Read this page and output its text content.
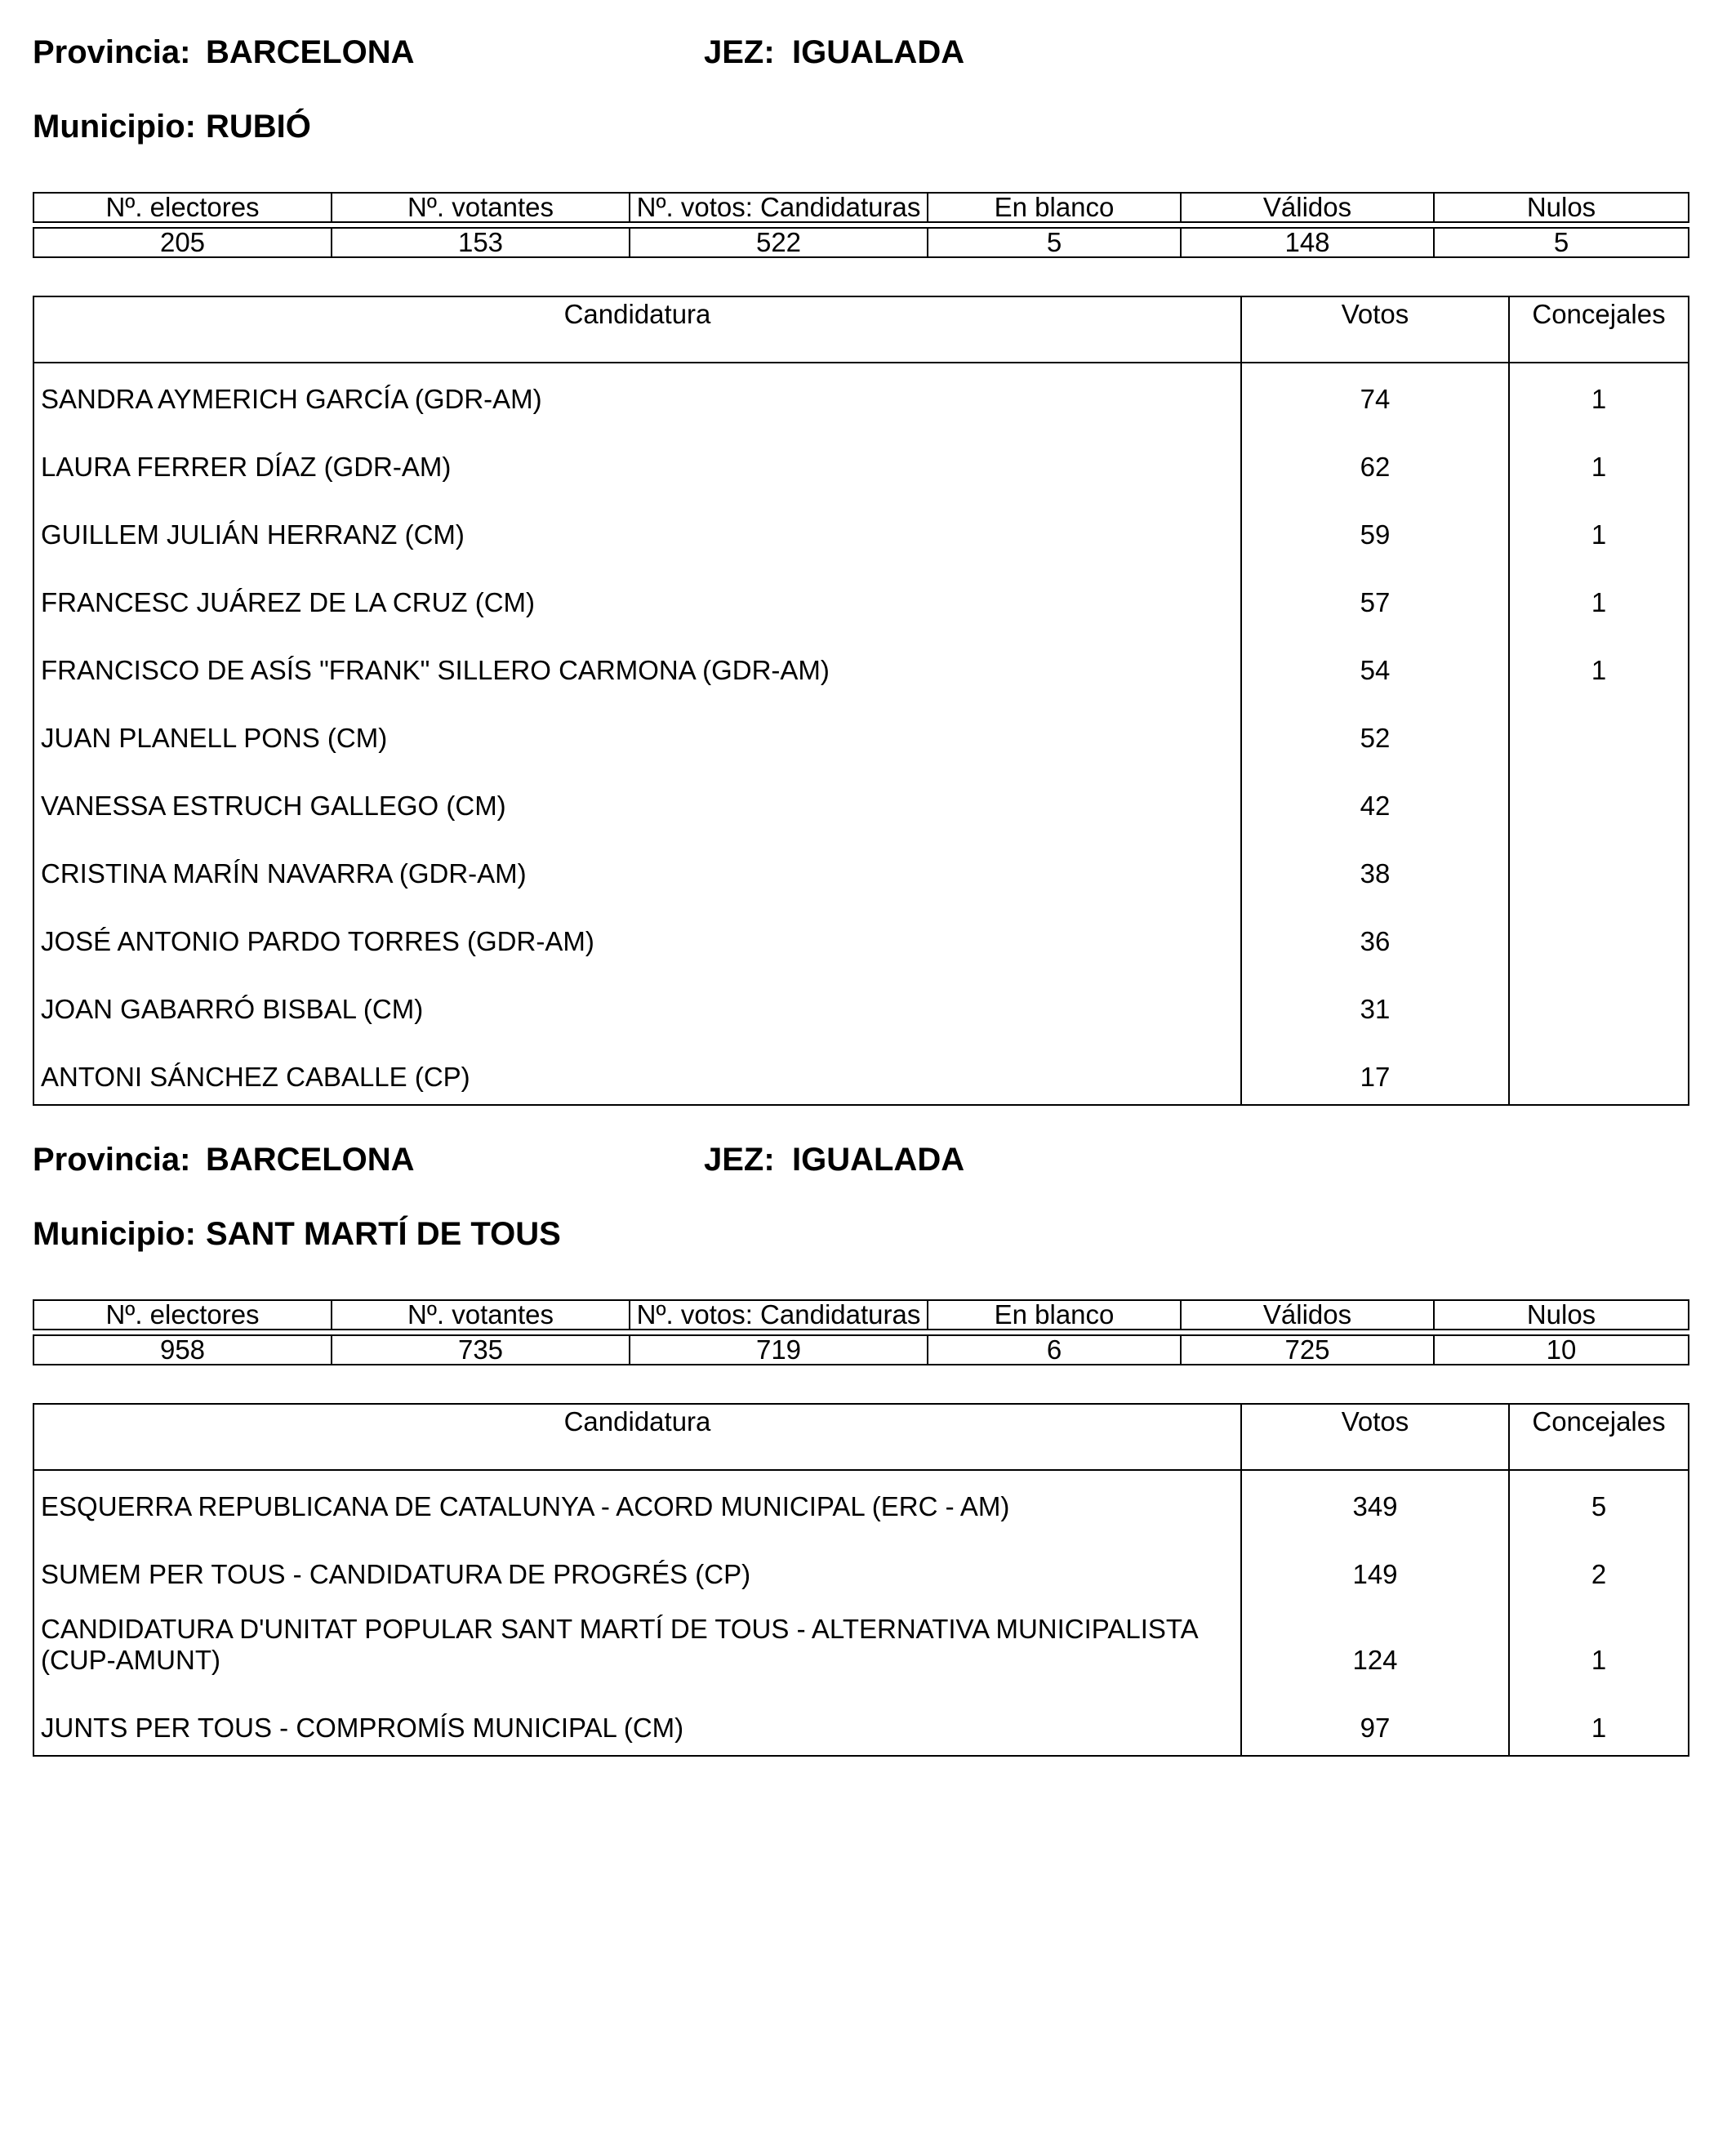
Provincia: BARCELONA	JEZ: IGUALADA
Municipio: RUBIÓ
Nº. electores	Nº. votantes	Nº. votos: Candidaturas	En blanco	Válidos	Nulos

205	153	522	5	148	5
Candidatura	Votos	Concejales
SANDRA AYMERICH GARCÍA (GDR-AM)	74	1
LAURA FERRER DÍAZ (GDR-AM)	62	1
GUILLEM JULIÁN HERRANZ (CM)	59	1
FRANCESC JUÁREZ DE LA CRUZ (CM)	57	1
FRANCISCO DE ASÍS "FRANK" SILLERO CARMONA (GDR-AM)	54	1
JUAN PLANELL PONS (CM)	52	
VANESSA ESTRUCH GALLEGO (CM)	42	
CRISTINA MARÍN NAVARRA (GDR-AM)	38	
JOSÉ ANTONIO PARDO TORRES (GDR-AM)	36	
JOAN GABARRÓ BISBAL (CM)	31	
ANTONI SÁNCHEZ CABALLE (CP)	17	
Provincia: BARCELONA	JEZ: IGUALADA
Municipio: SANT MARTÍ DE TOUS
Nº. electores	Nº. votantes	Nº. votos: Candidaturas	En blanco	Válidos	Nulos

958	735	719	6	725	10
Candidatura	Votos	Concejales
ESQUERRA REPUBLICANA DE CATALUNYA - ACORD MUNICIPAL (ERC - AM)	349	5
SUMEM PER TOUS - CANDIDATURA DE PROGRÉS (CP)	149	2
CANDIDATURA D'UNITAT POPULAR SANT MARTÍ DE TOUS - ALTERNATIVA MUNICIPALISTA (CUP-AMUNT)	124	1
JUNTS PER TOUS - COMPROMÍS MUNICIPAL (CM)	97	1
